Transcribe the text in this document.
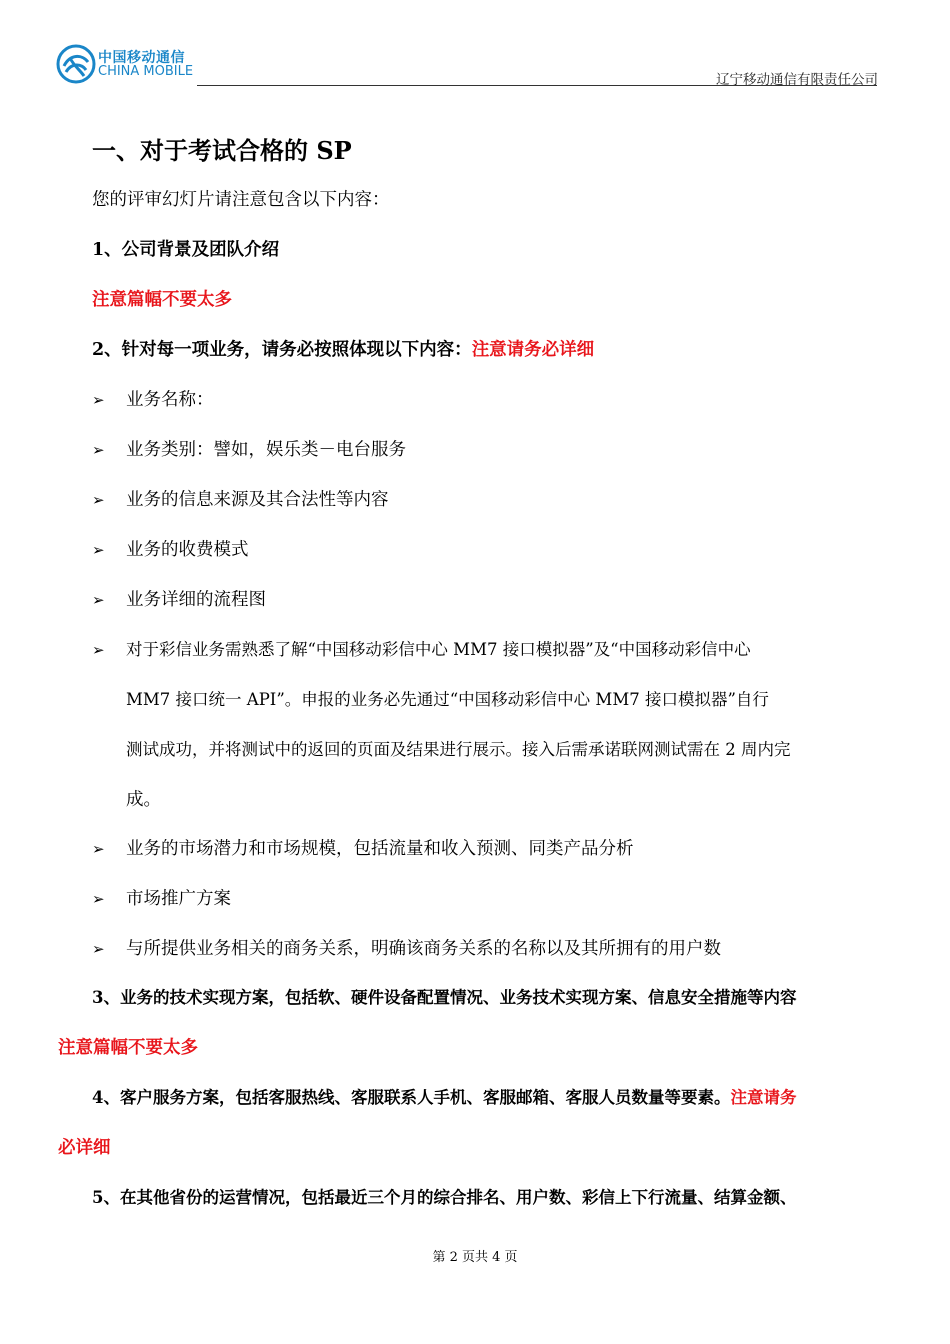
中国移动通信
CHINA MOBILE
辽宁移动通信有限责任公司
一、对于考试合格的 SP
您的评审幻灯片请注意包含以下内容：
1、公司背景及团队介绍
注意篇幅不要太多
2、针对每一项业务，请务必按照体现以下内容：注意请务必详细
➢ 业务名称：
➢ 业务类别：譬如，娱乐类－电台服务
➢ 业务的信息来源及其合法性等内容
➢ 业务的收费模式
➢ 业务详细的流程图
➢ 对于彩信业务需熟悉了解“中国移动彩信中心 MM7 接口模拟器”及“中国移动彩信中心
MM7 接口统一 API”。申报的业务必先通过“中国移动彩信中心 MM7 接口模拟器”自行
测试成功，并将测试中的返回的页面及结果进行展示。接入后需承诺联网测试需在 2 周内完
成。
➢ 业务的市场潜力和市场规模，包括流量和收入预测、同类产品分析
➢ 市场推广方案
➢ 与所提供业务相关的商务关系，明确该商务关系的名称以及其所拥有的用户数
3、业务的技术实现方案，包括软、硬件设备配置情况、业务技术实现方案、信息安全措施等内容
注意篇幅不要太多
4、客户服务方案，包括客服热线、客服联系人手机、客服邮箱、客服人员数量等要素。注意请务
必详细
5、在其他省份的运营情况，包括最近三个月的综合排名、用户数、彩信上下行流量、结算金额、
第 2 页共 4 页
